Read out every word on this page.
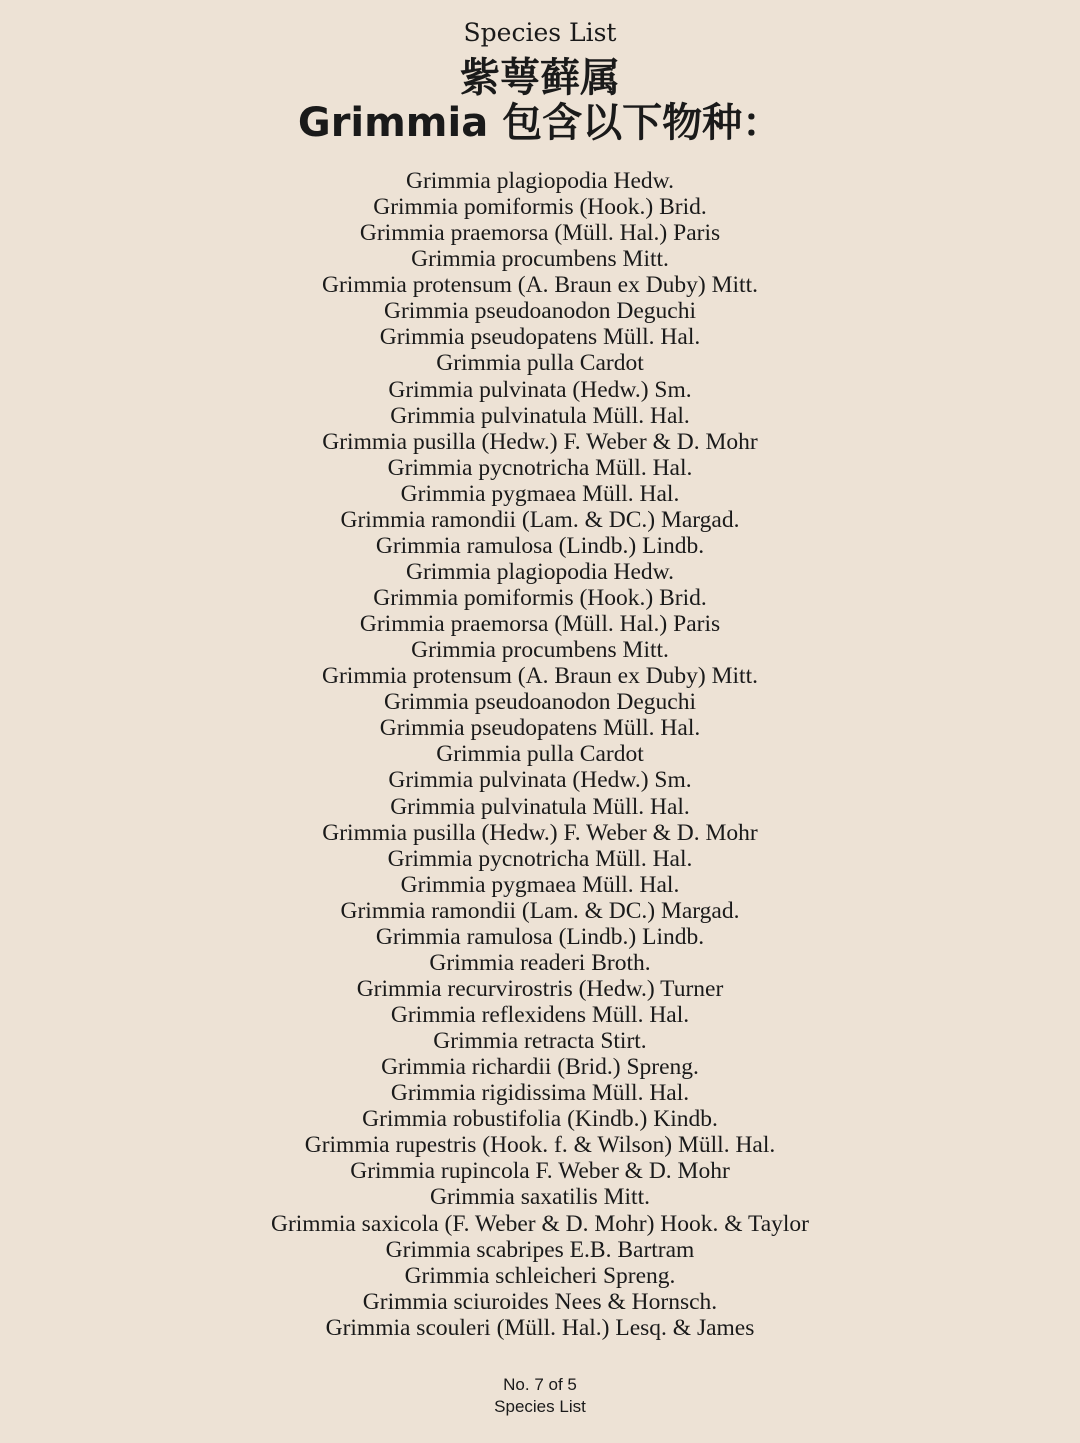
Species List
紫萼藓属
Grimmia 包含以下物种：
Grimmia plagiopodia Hedw.
Grimmia pomiformis (Hook.) Brid.
Grimmia praemorsa (Müll. Hal.) Paris
Grimmia procumbens Mitt.
Grimmia protensum (A. Braun ex Duby) Mitt.
Grimmia pseudoanodon Deguchi
Grimmia pseudopatens Müll. Hal.
Grimmia pulla Cardot
Grimmia pulvinata (Hedw.) Sm.
Grimmia pulvinatula Müll. Hal.
Grimmia pusilla (Hedw.) F. Weber & D. Mohr
Grimmia pycnotricha Müll. Hal.
Grimmia pygmaea Müll. Hal.
Grimmia ramondii (Lam. & DC.) Margad.
Grimmia ramulosa (Lindb.) Lindb.
Grimmia plagiopodia Hedw.
Grimmia pomiformis (Hook.) Brid.
Grimmia praemorsa (Müll. Hal.) Paris
Grimmia procumbens Mitt.
Grimmia protensum (A. Braun ex Duby) Mitt.
Grimmia pseudoanodon Deguchi
Grimmia pseudopatens Müll. Hal.
Grimmia pulla Cardot
Grimmia pulvinata (Hedw.) Sm.
Grimmia pulvinatula Müll. Hal.
Grimmia pusilla (Hedw.) F. Weber & D. Mohr
Grimmia pycnotricha Müll. Hal.
Grimmia pygmaea Müll. Hal.
Grimmia ramondii (Lam. & DC.) Margad.
Grimmia ramulosa (Lindb.) Lindb.
Grimmia readeri Broth.
Grimmia recurvirostris (Hedw.) Turner
Grimmia reflexidens Müll. Hal.
Grimmia retracta Stirt.
Grimmia richardii (Brid.) Spreng.
Grimmia rigidissima Müll. Hal.
Grimmia robustifolia (Kindb.) Kindb.
Grimmia rupestris (Hook. f. & Wilson) Müll. Hal.
Grimmia rupincola F. Weber & D. Mohr
Grimmia saxatilis Mitt.
Grimmia saxicola (F. Weber & D. Mohr) Hook. & Taylor
Grimmia scabripes E.B. Bartram
Grimmia schleicheri Spreng.
Grimmia sciuroides Nees & Hornsch.
Grimmia scouleri (Müll. Hal.) Lesq. & James
No. 7 of 5
Species List
